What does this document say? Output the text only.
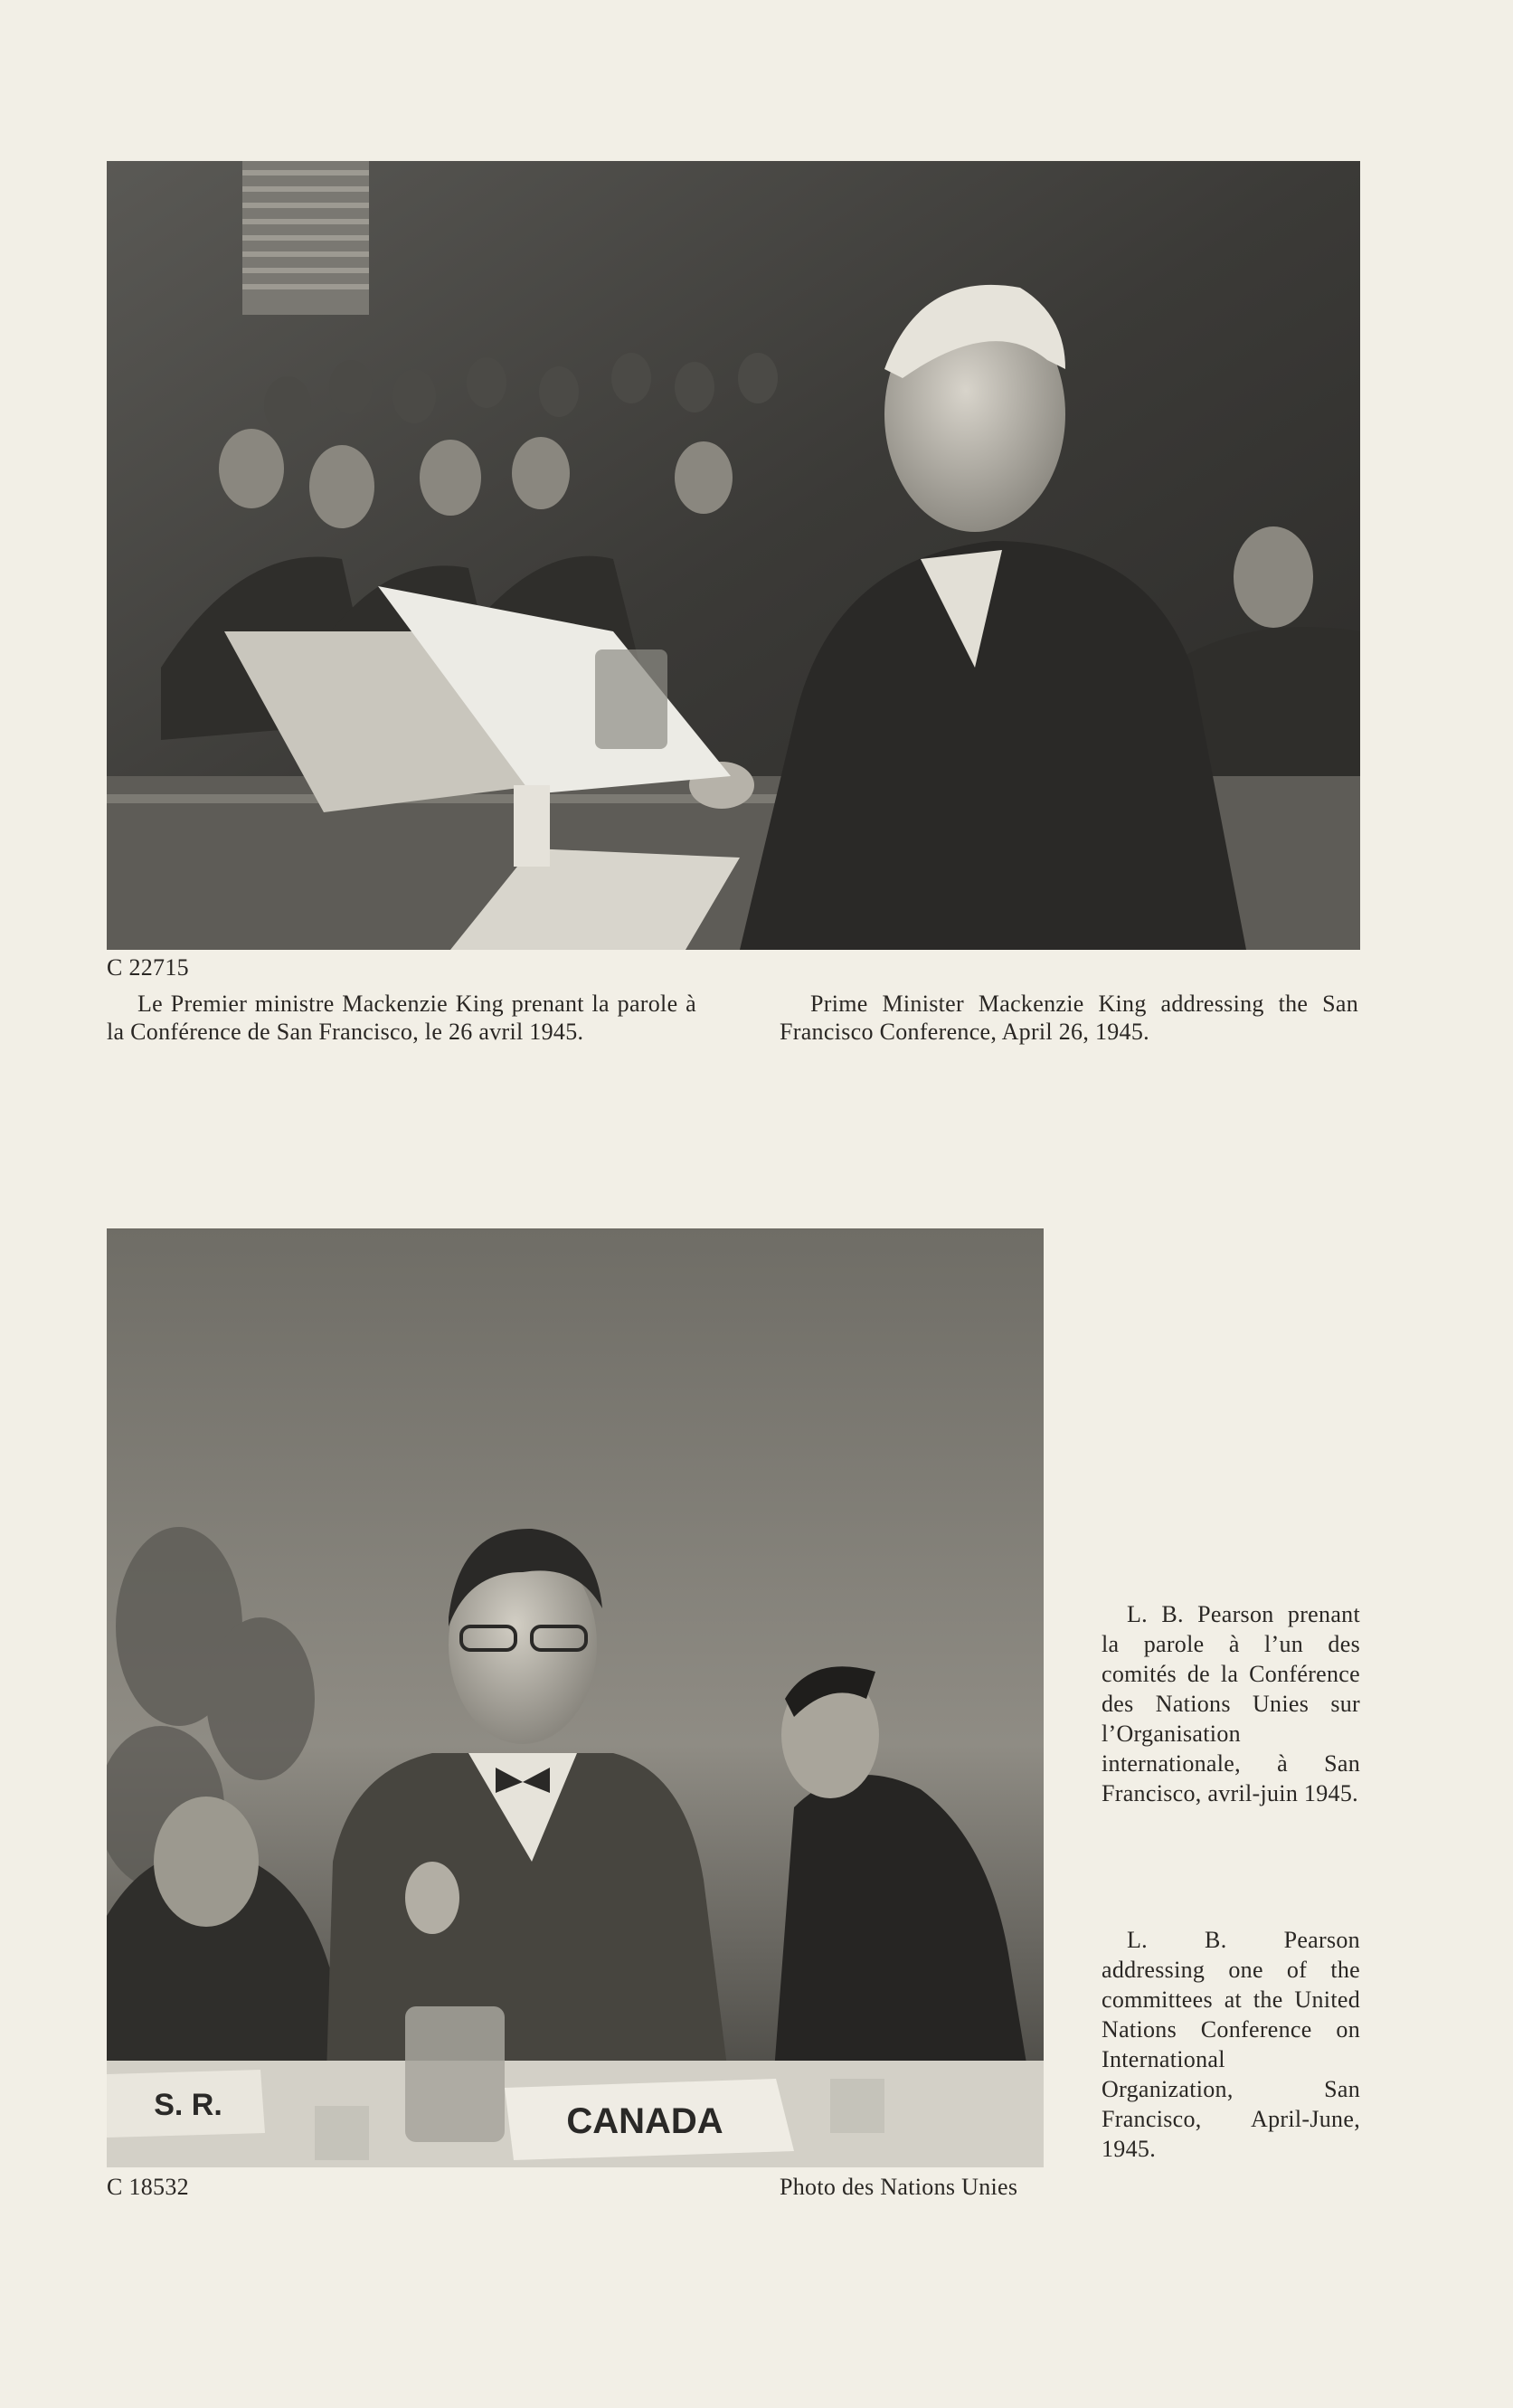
C 22715
Le Premier ministre Mackenzie King prenant la parole à la Conférence de San Francisco, le 26 avril 1945.
Prime Minister Mackenzie King addressing the San Francisco Conference, April 26, 1945.
CANADA
S. R.
L. B. Pearson prenant la parole à l’un des comités de la Conférence des Nations Unies sur l’Organisation internationale, à San Francisco, avril-juin 1945.
L. B. Pearson addressing one of the committees at the United Nations Conference on International Organization, San Francisco, April-June, 1945.
C 18532	Photo des Nations Unies
